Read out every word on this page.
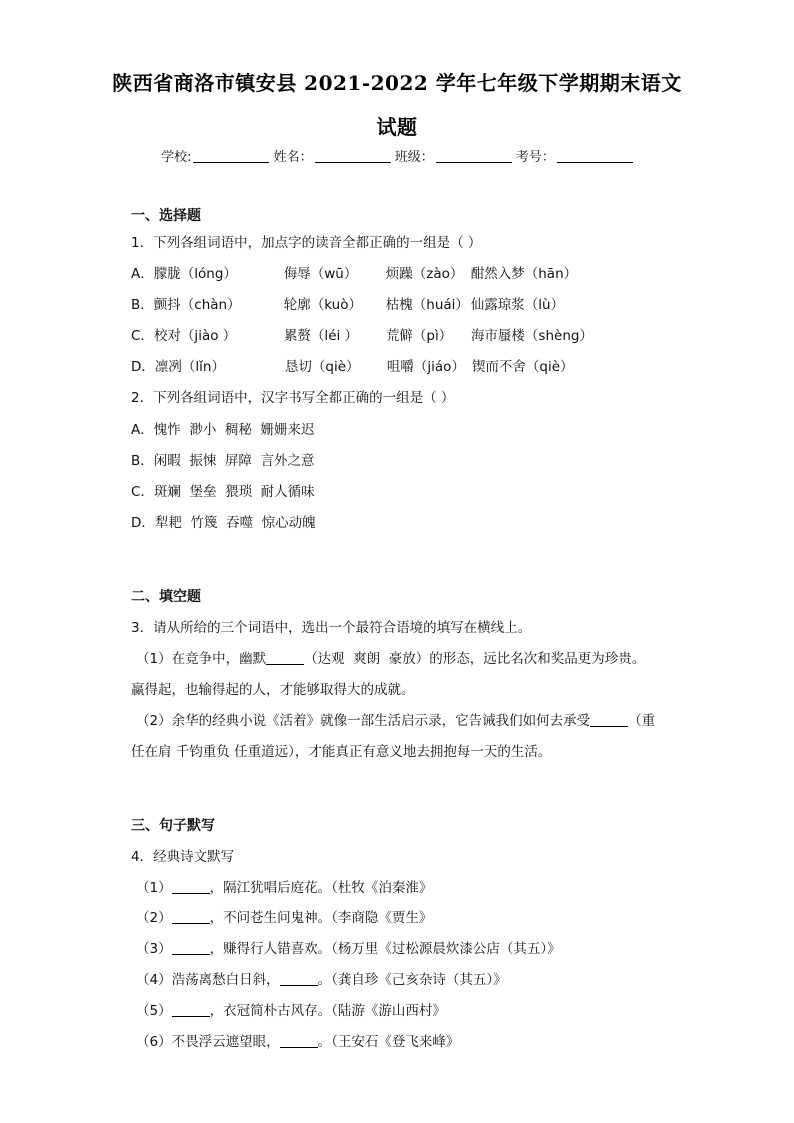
陕西省商洛市镇安县 2021-2022 学年七年级下学期期末语文
试题
学校:	姓名：	班级：	考号：
一、选择题
1．下列各组词语中，加点字的读音全都正确的一组是（ ）
A．朦胧（lóng）	侮辱（wū） 烦躁（zào） 酣然入梦（hān）
B．颤抖（chàn）	轮廓（kuò） 枯槐（huái） 仙露琼浆（lù）
C．校对（jiào ）	累赘（léi ） 荒僻（pì） 海市蜃楼（shèng）
D．凛冽（lǐn）	恳切（qiè） 咀嚼（jiáo） 锲而不舍（qiè）
2．下列各组词语中，汉字书写全都正确的一组是（ ）
A．愧怍  渺小  稠秘  姗姗来迟
B．闲暇  振悚  屏障  言外之意
C．斑斓  堡垒  猥琐  耐人循味
D．犁耙  竹篾  吞噬  惊心动魄
二、填空题
3．请从所给的三个词语中，选出一个最符合语境的填写在横线上。
（1）在竞争中，幽默	（达观  爽朗  豪放）的形态，远比名次和奖品更为珍贵。
赢得起，也输得起的人，才能够取得大的成就。
（2）余华的经典小说《活着》就像一部生活启示录，它告诫我们如何去承受	（重
任在肩 千钧重负 任重道远），才能真正有意义地去拥抱每一天的生活。
三、句子默写
4．经典诗文默写
（1）	，隔江犹唱后庭花。（杜牧《泊秦淮》
（2）	，不问苍生问鬼神。（李商隐《贾生》
（3）	，赚得行人错喜欢。（杨万里《过松源晨炊漆公店（其五）》
（4）浩荡离愁白日斜，	。（龚自珍《己亥杂诗（其五）》
（5）	，衣冠简朴古风存。（陆游《游山西村》
（6）不畏浮云遮望眼，	。（王安石《登飞来峰》
